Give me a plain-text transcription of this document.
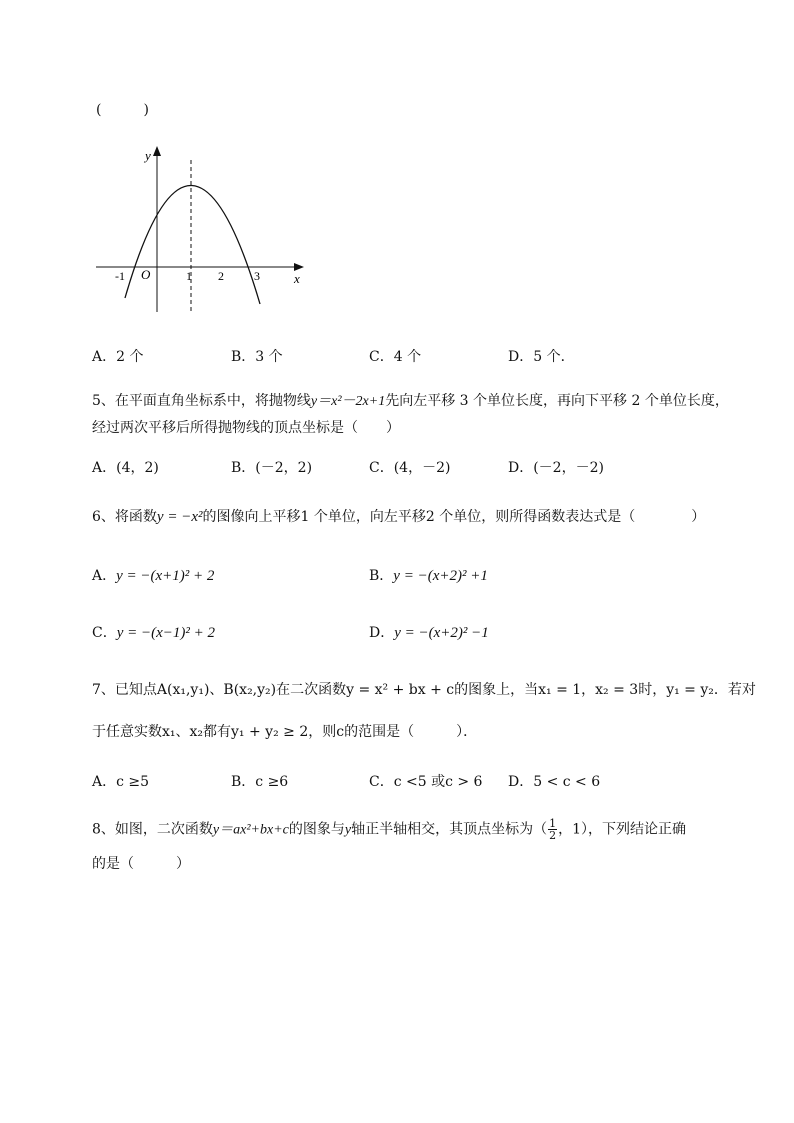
(　　　)
y
x
O
-1	1 2	3
A．2 个	B．3 个	C．4 个	D．5 个．
5、在平面直角坐标系中，将抛物线y＝x²－2x+1先向左平移 3 个单位长度，再向下平移 2 个单位长度，经过两次平移后所得抛物线的顶点坐标是（　　）
A．(4，2)	B．(－2，2)	C．(4，－2)	D．(－2，－2)
6、将函数y = −x²的图像向上平移1 个单位，向左平移2 个单位，则所得函数表达式是（　　　　）
A．y = −(x+1)² + 2	B．y = −(x+2)² +1
C．y = −(x−1)² + 2	D．y = −(x+2)² −1
7、已知点A(x₁,y₁)、B(x₂,y₂)在二次函数y = x² + bx + c的图象上，当x₁ = 1，x₂ = 3时，y₁ = y₂．若对
于任意实数x₁、x₂都有y₁ + y₂ ≥ 2，则c的范围是（　　　）．
A．c ≥5	B．c ≥6	C．c <5 或c > 6 D．5 < c < 6
8、如图，二次函数y＝ax²+bx+c的图象与y轴正半轴相交，其顶点坐标为（ $\frac{1}{2}$ ，1），下列结论正确
的是（　　　）
